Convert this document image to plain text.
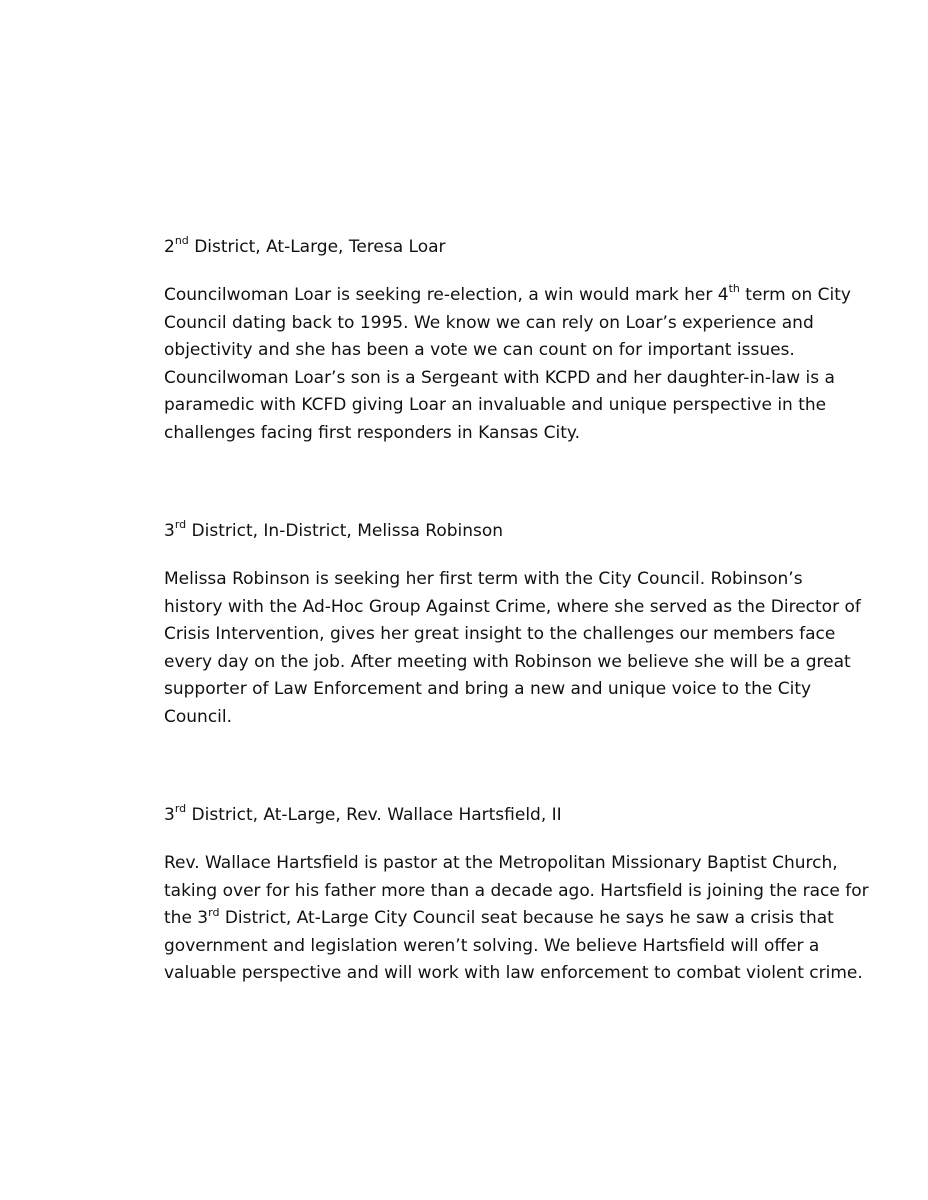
2nd District, At-Large, Teresa Loar

Councilwoman Loar is seeking re-election, a win would mark her 4th term on City
Council dating back to 1995. We know we can rely on Loar’s experience and
objectivity and she has been a vote we can count on for important issues.
Councilwoman Loar’s son is a Sergeant with KCPD and her daughter-in-law is a
paramedic with KCFD giving Loar an invaluable and unique perspective in the
challenges facing first responders in Kansas City.

3rd District, In-District, Melissa Robinson

Melissa Robinson is seeking her first term with the City Council. Robinson’s
history with the Ad-Hoc Group Against Crime, where she served as the Director of
Crisis Intervention, gives her great insight to the challenges our members face
every day on the job. After meeting with Robinson we believe she will be a great
supporter of Law Enforcement and bring a new and unique voice to the City
Council.

3rd District, At-Large, Rev. Wallace Hartsfield, II

Rev. Wallace Hartsfield is pastor at the Metropolitan Missionary Baptist Church,
taking over for his father more than a decade ago. Hartsfield is joining the race for
the 3rd District, At-Large City Council seat because he says he saw a crisis that
government and legislation weren’t solving. We believe Hartsfield will offer a
valuable perspective and will work with law enforcement to combat violent crime.
